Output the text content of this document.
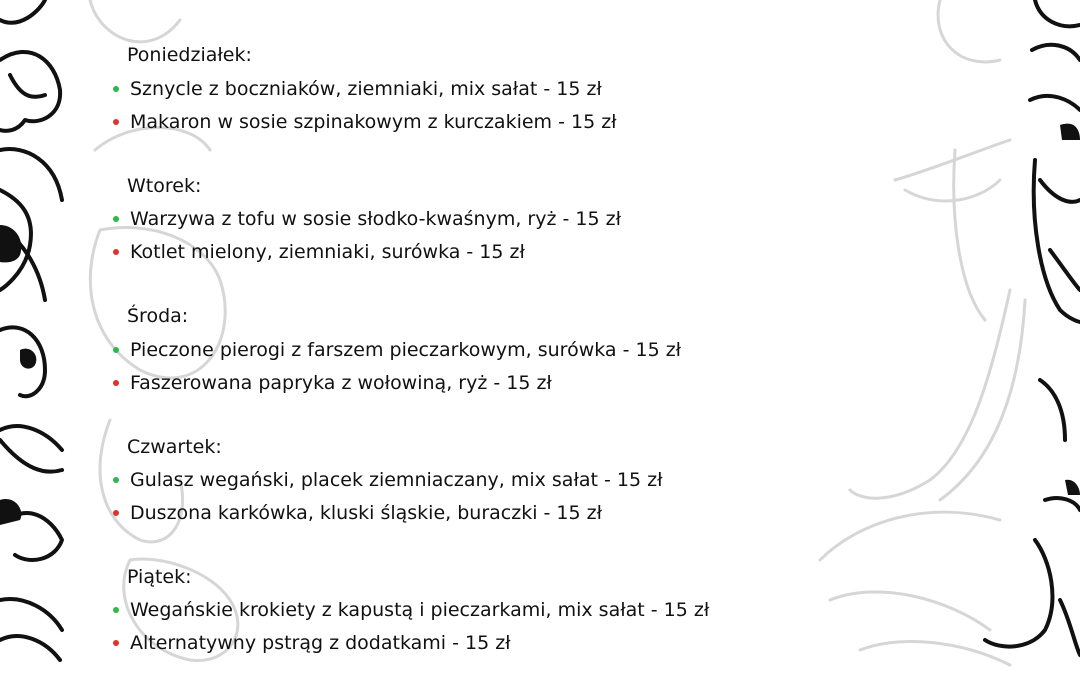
Poniedziałek:
Sznycle z boczniaków, ziemniaki, mix sałat - 15 zł
Makaron w sosie szpinakowym z kurczakiem - 15 zł
Wtorek:
Warzywa z tofu w sosie słodko-kwaśnym, ryż - 15 zł
Kotlet mielony, ziemniaki, surówka - 15 zł
Środa:
Pieczone pierogi z farszem pieczarkowym, surówka - 15 zł
Faszerowana papryka z wołowiną, ryż - 15 zł
Czwartek:
Gulasz wegański, placek ziemniaczany, mix sałat - 15 zł
Duszona karkówka, kluski śląskie, buraczki - 15 zł
Piątek:
Wegańskie krokiety z kapustą i pieczarkami, mix sałat - 15 zł
Alternatywny pstrąg z dodatkami - 15 zł
